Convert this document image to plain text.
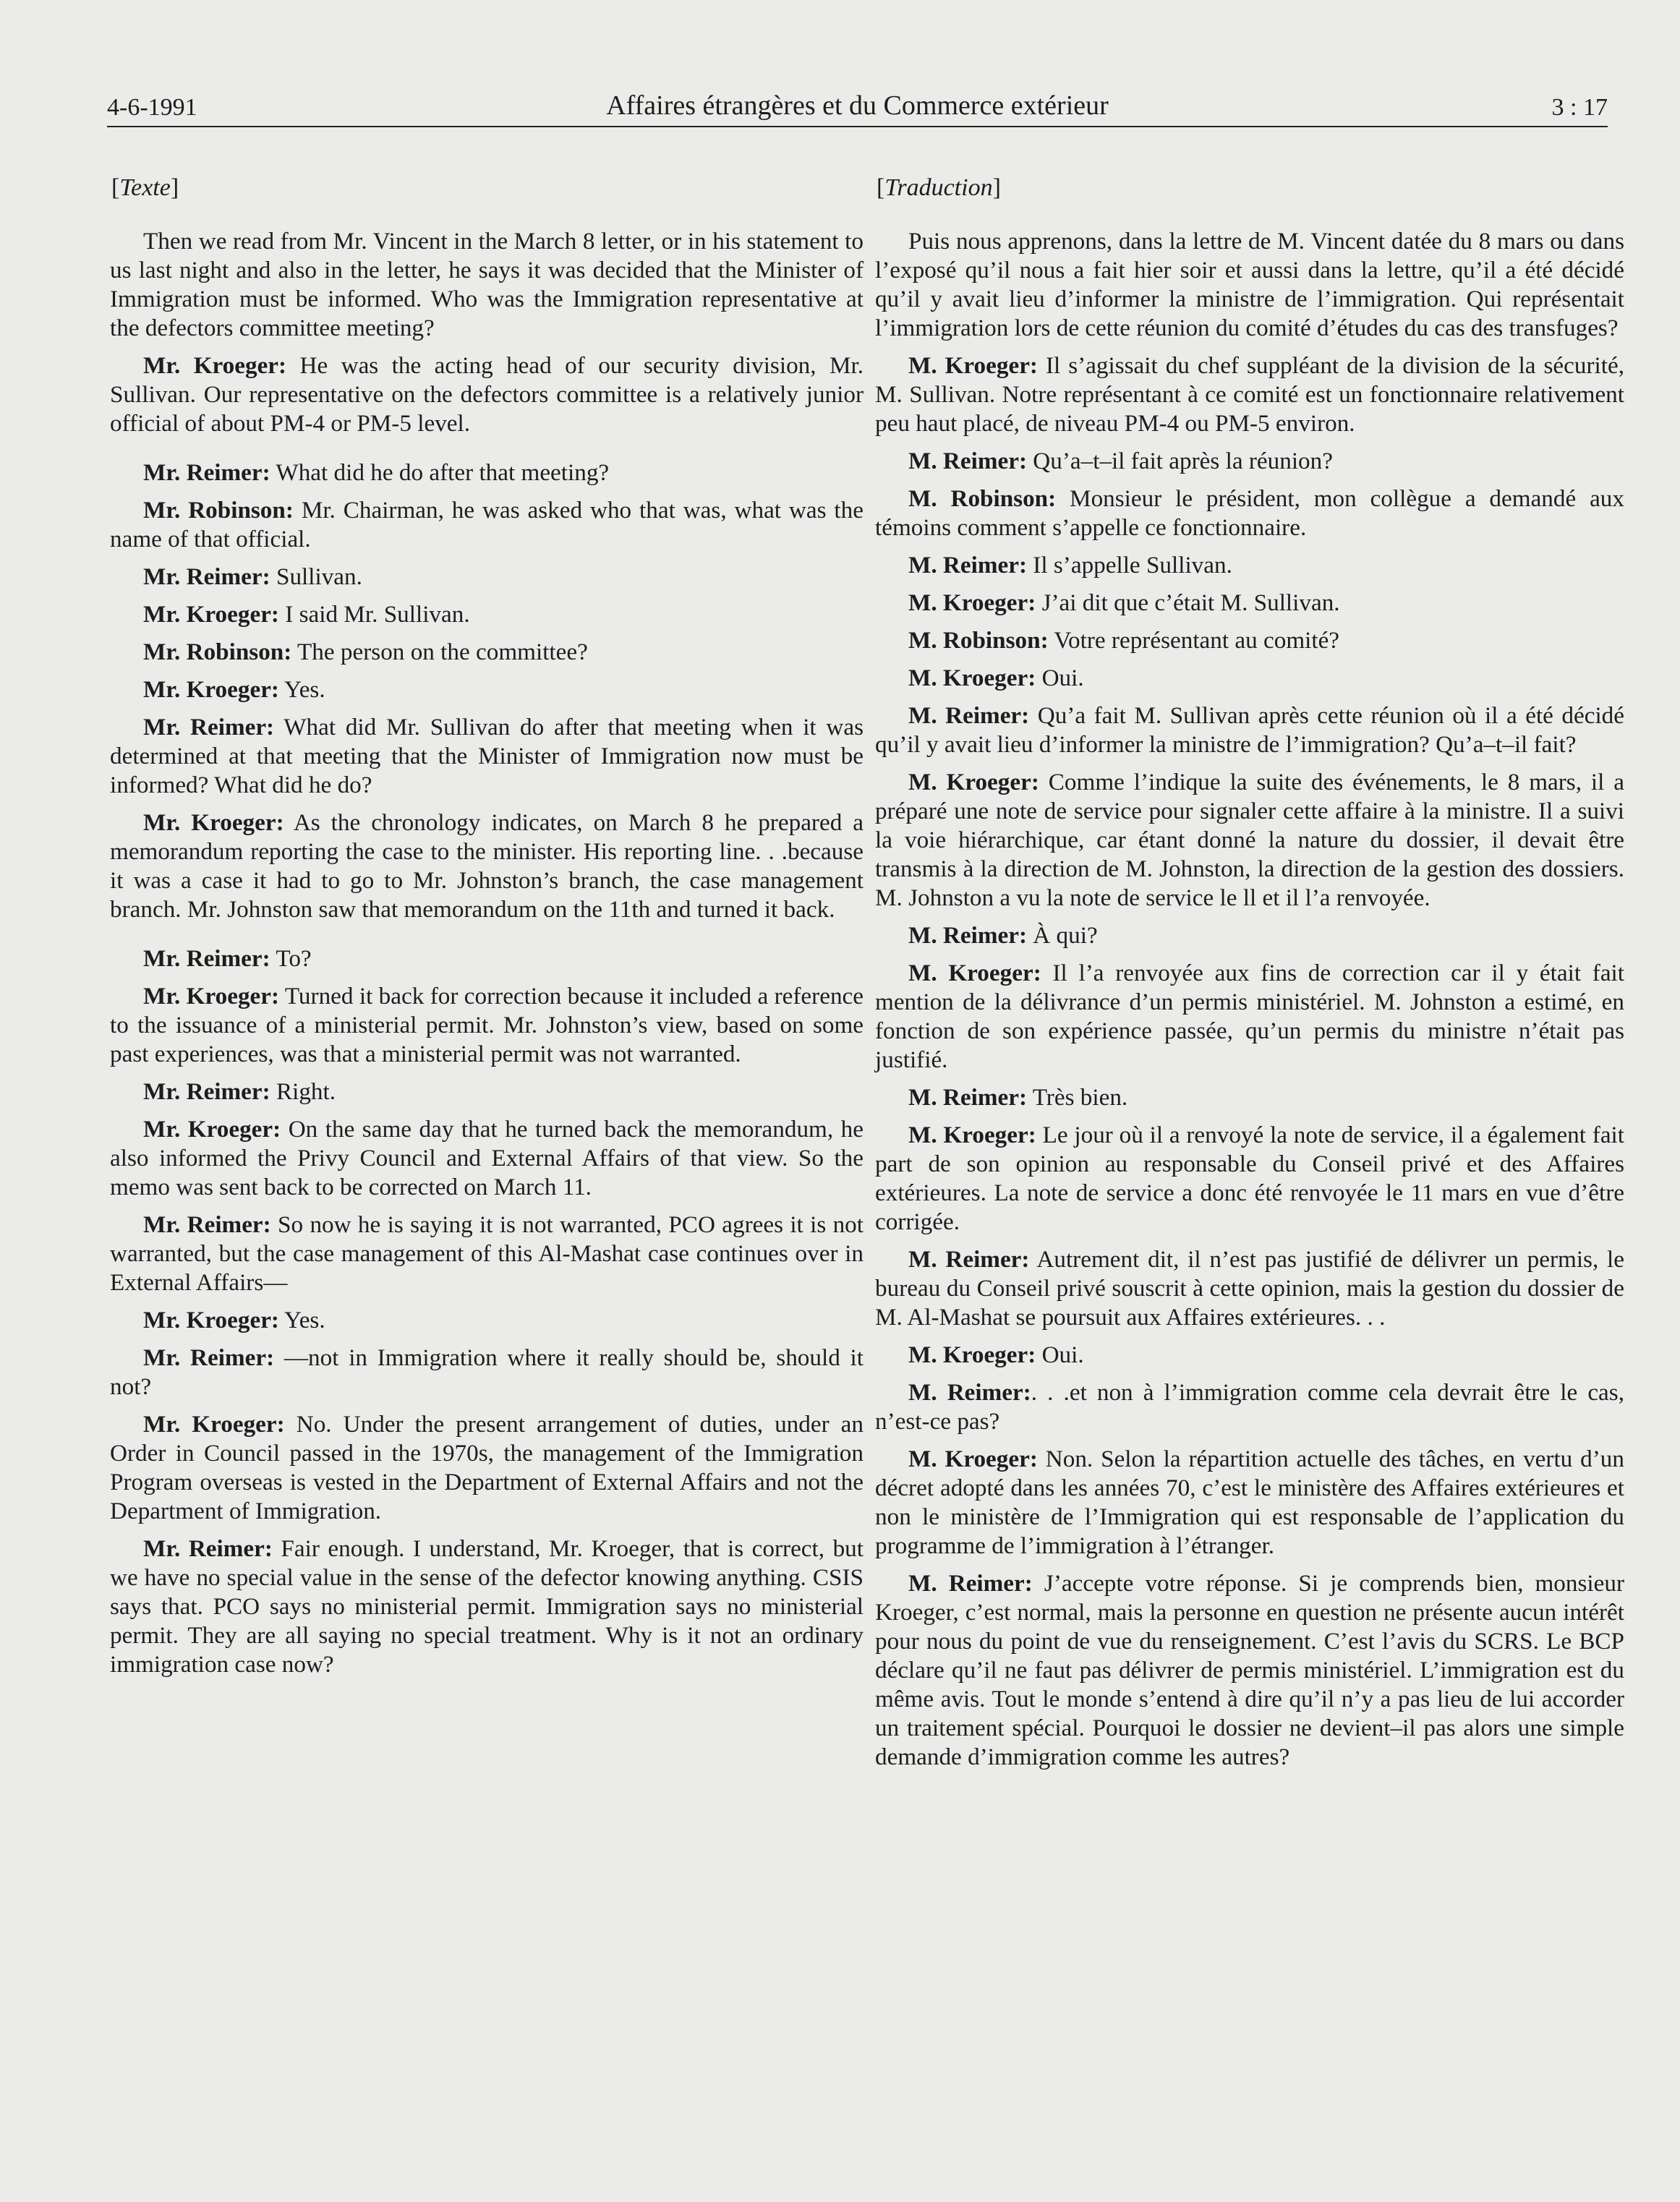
4-6-1991	Affaires étrangères et du Commerce extérieur	3 : 17
[Texte]

Then we read from Mr. Vincent in the March 8 letter, or in his statement to us last night and also in the letter, he says it was decided that the Minister of Immigration must be informed. Who was the Immigration representative at the defectors committee meeting?

Mr. Kroeger: He was the acting head of our security division, Mr. Sullivan. Our representative on the defectors committee is a relatively junior official of about PM-4 or PM-5 level.

Mr. Reimer: What did he do after that meeting?

Mr. Robinson: Mr. Chairman, he was asked who that was, what was the name of that official.

Mr. Reimer: Sullivan.

Mr. Kroeger: I said Mr. Sullivan.

Mr. Robinson: The person on the committee?

Mr. Kroeger: Yes.

Mr. Reimer: What did Mr. Sullivan do after that meeting when it was determined at that meeting that the Minister of Immigration now must be informed? What did he do?

Mr. Kroeger: As the chronology indicates, on March 8 he prepared a memorandum reporting the case to the minister. His reporting line. . .because it was a case it had to go to Mr. Johnston’s branch, the case management branch. Mr. Johnston saw that memorandum on the 11th and turned it back.

Mr. Reimer: To?

Mr. Kroeger: Turned it back for correction because it included a reference to the issuance of a ministerial permit. Mr. Johnston’s view, based on some past experiences, was that a ministerial permit was not warranted.

Mr. Reimer: Right.

Mr. Kroeger: On the same day that he turned back the memorandum, he also informed the Privy Council and External Affairs of that view. So the memo was sent back to be corrected on March 11.

Mr. Reimer: So now he is saying it is not warranted, PCO agrees it is not warranted, but the case management of this Al-Mashat case continues over in External Affairs—

Mr. Kroeger: Yes.

Mr. Reimer: —not in Immigration where it really should be, should it not?

Mr. Kroeger: No. Under the present arrangement of duties, under an Order in Council passed in the 1970s, the management of the Immigration Program overseas is vested in the Department of External Affairs and not the Department of Immigration.

Mr. Reimer: Fair enough. I understand, Mr. Kroeger, that is correct, but we have no special value in the sense of the defector knowing anything. CSIS says that. PCO says no ministerial permit. Immigration says no ministerial permit. They are all saying no special treatment. Why is it not an ordinary immigration case now?

[Traduction]

Puis nous apprenons, dans la lettre de M. Vincent datée du 8 mars ou dans l’exposé qu’il nous a fait hier soir et aussi dans la lettre, qu’il a été décidé qu’il y avait lieu d’informer la ministre de l’immigration. Qui représentait l’immigration lors de cette réunion du comité d’études du cas des transfuges?

M. Kroeger: Il s’agissait du chef suppléant de la division de la sécurité, M. Sullivan. Notre représentant à ce comité est un fonctionnaire relativement peu haut placé, de niveau PM-4 ou PM-5 environ.

M. Reimer: Qu’a–t–il fait après la réunion?

M. Robinson: Monsieur le président, mon collègue a demandé aux témoins comment s’appelle ce fonctionnaire.

M. Reimer: Il s’appelle Sullivan.

M. Kroeger: J’ai dit que c’était M. Sullivan.

M. Robinson: Votre représentant au comité?

M. Kroeger: Oui.

M. Reimer: Qu’a fait M. Sullivan après cette réunion où il a été décidé qu’il y avait lieu d’informer la ministre de l’immigration? Qu’a–t–il fait?

M. Kroeger: Comme l’indique la suite des événements, le 8 mars, il a préparé une note de service pour signaler cette affaire à la ministre. Il a suivi la voie hiérarchique, car étant donné la nature du dossier, il devait être transmis à la direction de M. Johnston, la direction de la gestion des dossiers. M. Johnston a vu la note de service le ll et il l’a renvoyée.

M. Reimer: À qui?

M. Kroeger: Il l’a renvoyée aux fins de correction car il y était fait mention de la délivrance d’un permis ministériel. M. Johnston a estimé, en fonction de son expérience passée, qu’un permis du ministre n’était pas justifié.

M. Reimer: Très bien.

M. Kroeger: Le jour où il a renvoyé la note de service, il a également fait part de son opinion au responsable du Conseil privé et des Affaires extérieures. La note de service a donc été renvoyée le 11 mars en vue d’être corrigée.

M. Reimer: Autrement dit, il n’est pas justifié de délivrer un permis, le bureau du Conseil privé souscrit à cette opinion, mais la gestion du dossier de M. Al-Mashat se poursuit aux Affaires extérieures. . .

M. Kroeger: Oui.

M. Reimer:. . .et non à l’immigration comme cela devrait être le cas, n’est-ce pas?

M. Kroeger: Non. Selon la répartition actuelle des tâches, en vertu d’un décret adopté dans les années 70, c’est le ministère des Affaires extérieures et non le ministère de l’Immigration qui est responsable de l’application du programme de l’immigration à l’étranger.

M. Reimer: J’accepte votre réponse. Si je comprends bien, monsieur Kroeger, c’est normal, mais la personne en question ne présente aucun intérêt pour nous du point de vue du renseignement. C’est l’avis du SCRS. Le BCP déclare qu’il ne faut pas délivrer de permis ministériel. L’immigration est du même avis. Tout le monde s’entend à dire qu’il n’y a pas lieu de lui accorder un traitement spécial. Pourquoi le dossier ne devient–il pas alors une simple demande d’immigration comme les autres?
